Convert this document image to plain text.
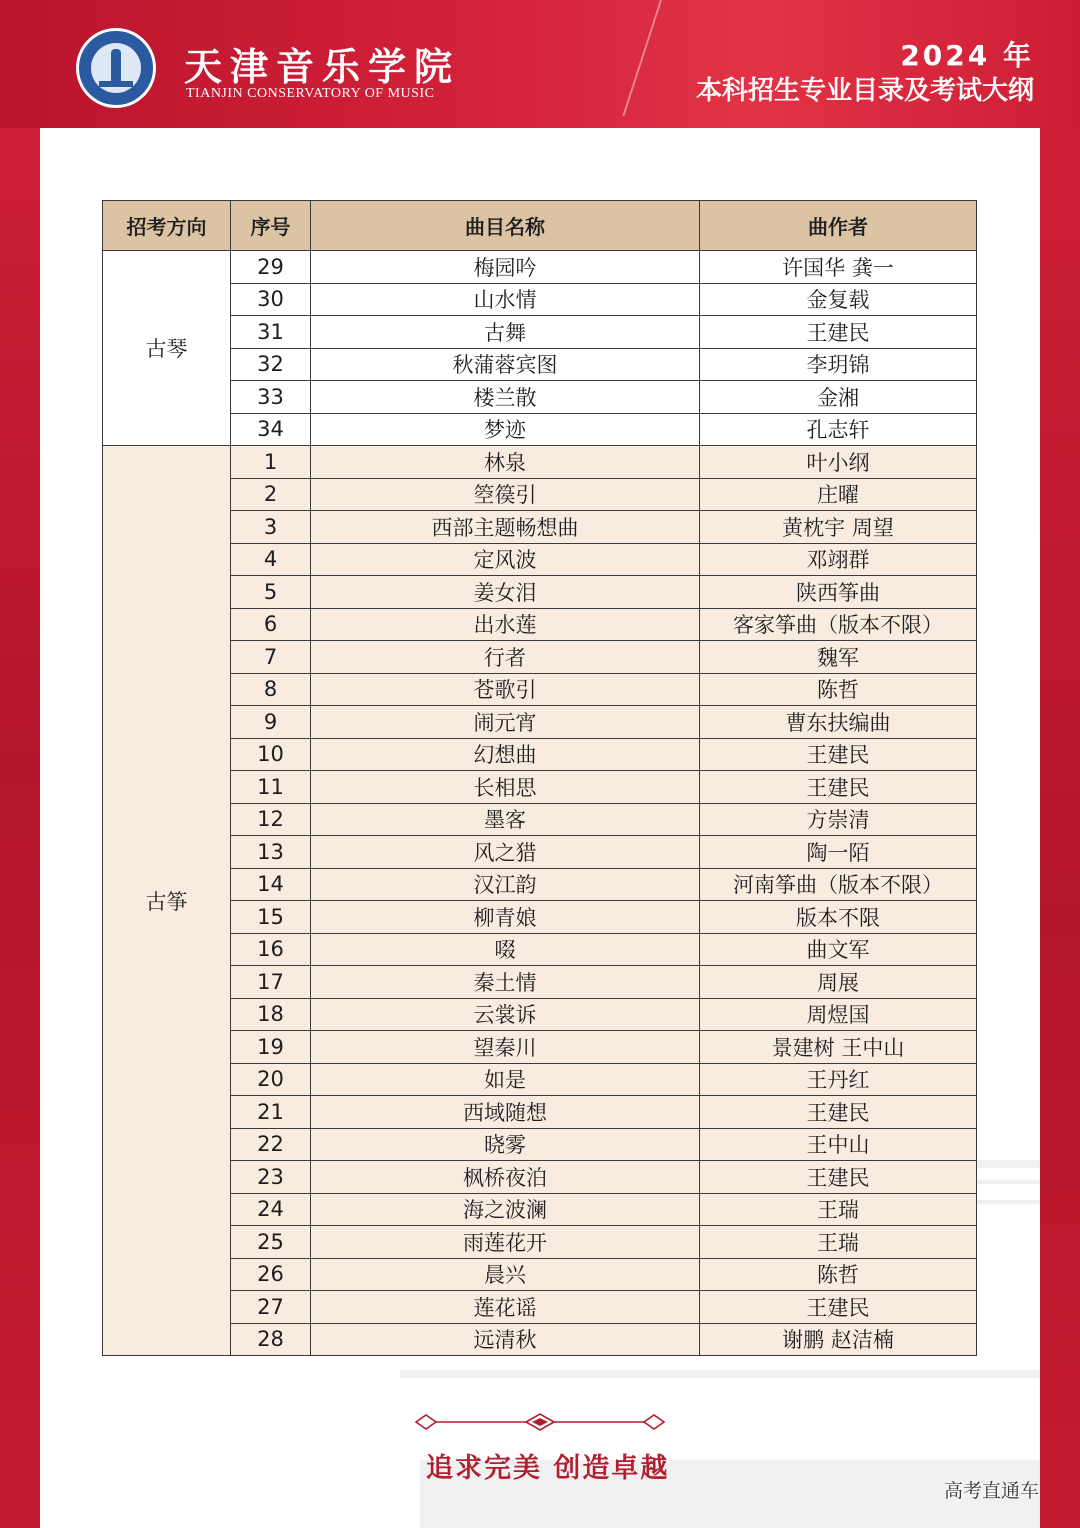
天津音乐学院

TIANJIN CONSERVATORY OF MUSIC

2024 年

本科招生专业目录及考试大纲

招考方向	序号	曲目名称	曲作者
古琴	29	梅园吟	许国华 龚一
	30	山水情	金复载
	31	古舞	王建民
	32	秋蒲蓉宾图	李玥锦
	33	楼兰散	金湘
	34	梦迹	孔志轩
古筝	1	林泉	叶小纲
	2	箜篌引	庄曜
	3	西部主题畅想曲	黄枕宇 周望
	4	定风波	邓翊群
	5	姜女泪	陕西筝曲
	6	出水莲	客家筝曲（版本不限）
	7	行者	魏军
	8	苍歌引	陈哲
	9	闹元宵	曹东扶编曲
	10	幻想曲	王建民
	11	长相思	王建民
	12	墨客	方崇清
	13	风之猎	陶一陌
	14	汉江韵	河南筝曲（版本不限）
	15	柳青娘	版本不限
	16	啜	曲文军
	17	秦土情	周展
	18	云裳诉	周煜国
	19	望秦川	景建树 王中山
	20	如是	王丹红
	21	西域随想	王建民
	22	晓雾	王中山
	23	枫桥夜泊	王建民
	24	海之波澜	王瑞
	25	雨莲花开	王瑞
	26	晨兴	陈哲
	27	莲花谣	王建民
	28	远清秋	谢鹏 赵洁楠

追求完美 创造卓越

高考直通车
